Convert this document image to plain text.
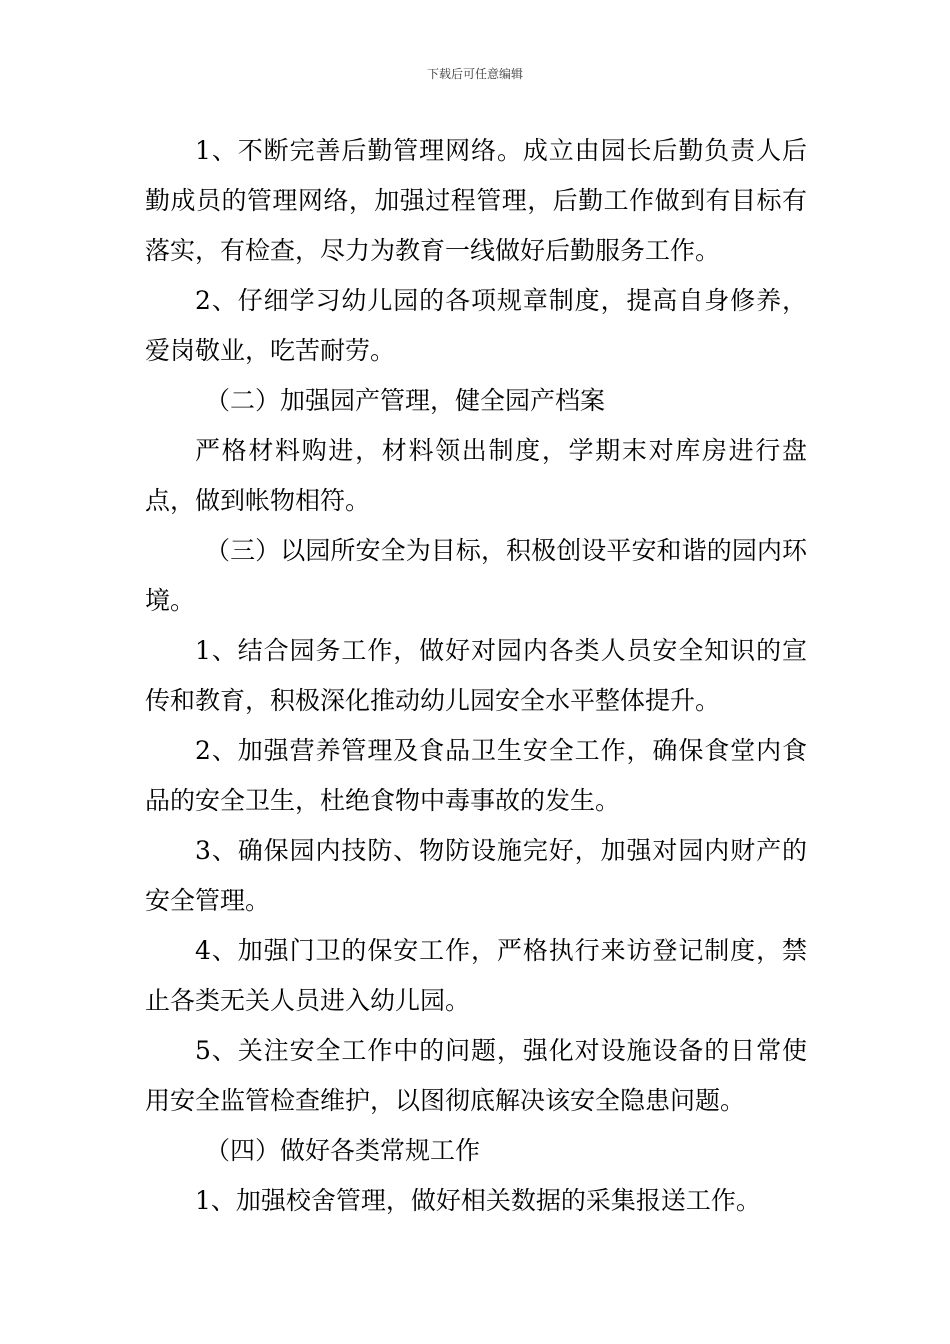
下载后可任意编辑

1、不断完善后勤管理网络。成立由园长后勤负责人后勤成员的管理网络，加强过程管理，后勤工作做到有目标有落实，有检查，尽力为教育一线做好后勤服务工作。

2、仔细学习幼儿园的各项规章制度，提高自身修养，爱岗敬业，吃苦耐劳。

（二）加强园产管理，健全园产档案

严格材料购进，材料领出制度，学期末对库房进行盘点，做到帐物相符。

（三）以园所安全为目标，积极创设平安和谐的园内环境。

1、结合园务工作，做好对园内各类人员安全知识的宣传和教育，积极深化推动幼儿园安全水平整体提升。

2、加强营养管理及食品卫生安全工作，确保食堂内食品的安全卫生，杜绝食物中毒事故的发生。

3、确保园内技防、物防设施完好，加强对园内财产的安全管理。

4、加强门卫的保安工作，严格执行来访登记制度，禁止各类无关人员进入幼儿园。

5、关注安全工作中的问题，强化对设施设备的日常使用安全监管检查维护，以图彻底解决该安全隐患问题。

（四）做好各类常规工作

1、加强校舍管理，做好相关数据的采集报送工作。
